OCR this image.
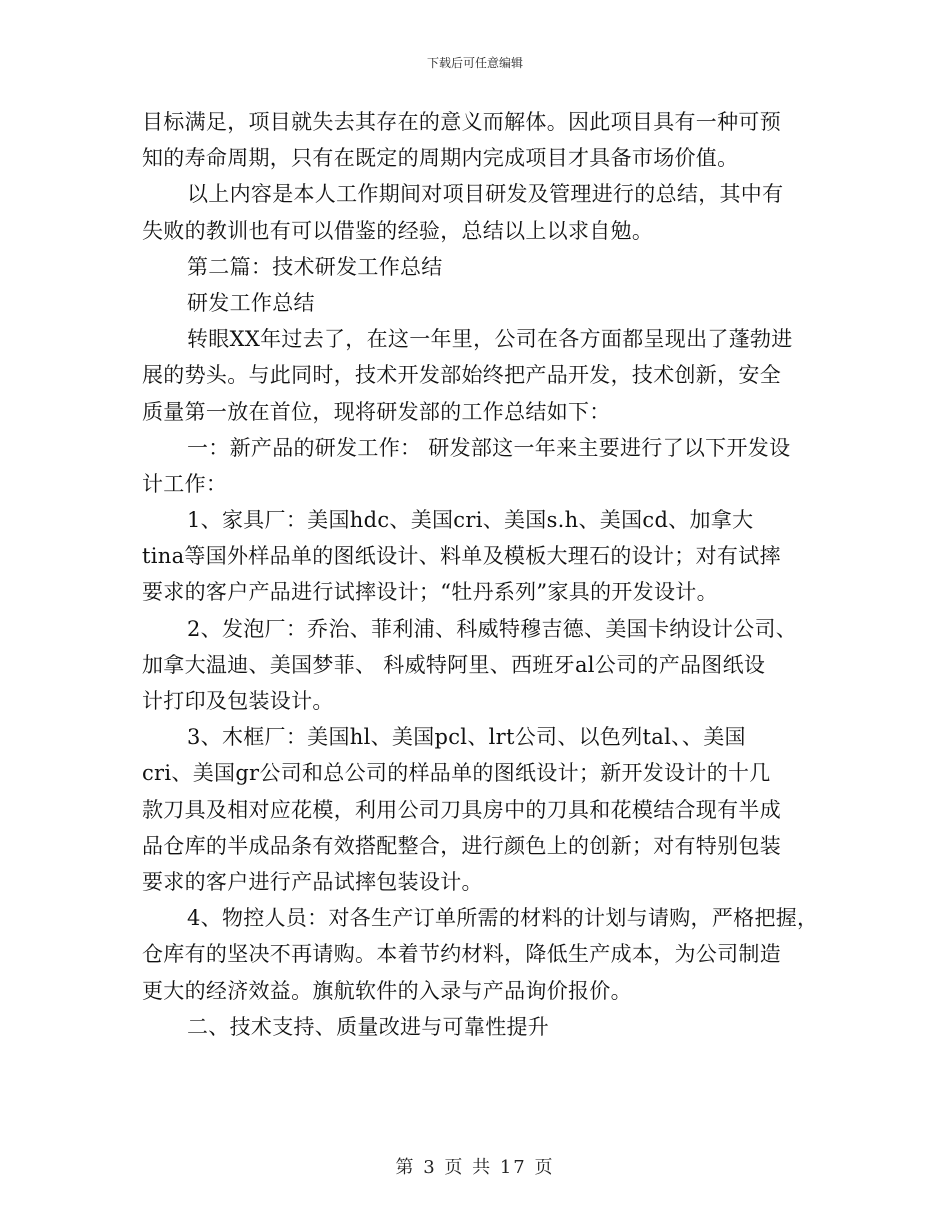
下载后可任意编辑
目标满足，项目就失去其存在的意义而解体。因此项目具有一种可预
知的寿命周期，只有在既定的周期内完成项目才具备市场价值。
以上内容是本人工作期间对项目研发及管理进行的总结，其中有
失败的教训也有可以借鉴的经验，总结以上以求自勉。
第二篇：技术研发工作总结
研发工作总结
转眼XX年过去了，在这一年里，公司在各方面都呈现出了蓬勃进
展的势头。与此同时，技术开发部始终把产品开发，技术创新，安全
质量第一放在首位，现将研发部的工作总结如下：
一：新产品的研发工作： 研发部这一年来主要进行了以下开发设
计工作：
1、家具厂：美国hdc、美国cri、美国s.h、美国cd、加拿大
tina等国外样品单的图纸设计、料单及模板大理石的设计；对有试摔
要求的客户产品进行试摔设计；“牡丹系列”家具的开发设计。
2、发泡厂：乔治、菲利浦、科威特穆吉德、美国卡纳设计公司、
加拿大温迪、美国梦菲、 科威特阿里、西班牙al公司的产品图纸设
计打印及包装设计。
3、木框厂：美国hl、美国pcl、lrt公司、以色列tal、、美国
cri、美国gr公司和总公司的样品单的图纸设计；新开发设计的十几
款刀具及相对应花模，利用公司刀具房中的刀具和花模结合现有半成
品仓库的半成品条有效搭配整合，进行颜色上的创新；对有特别包装
要求的客户进行产品试摔包装设计。
4、物控人员：对各生产订单所需的材料的计划与请购，严格把握，
仓库有的坚决不再请购。本着节约材料，降低生产成本，为公司制造
更大的经济效益。旗航软件的入录与产品询价报价。
二、技术支持、质量改进与可靠性提升
第 3 页 共 17 页
